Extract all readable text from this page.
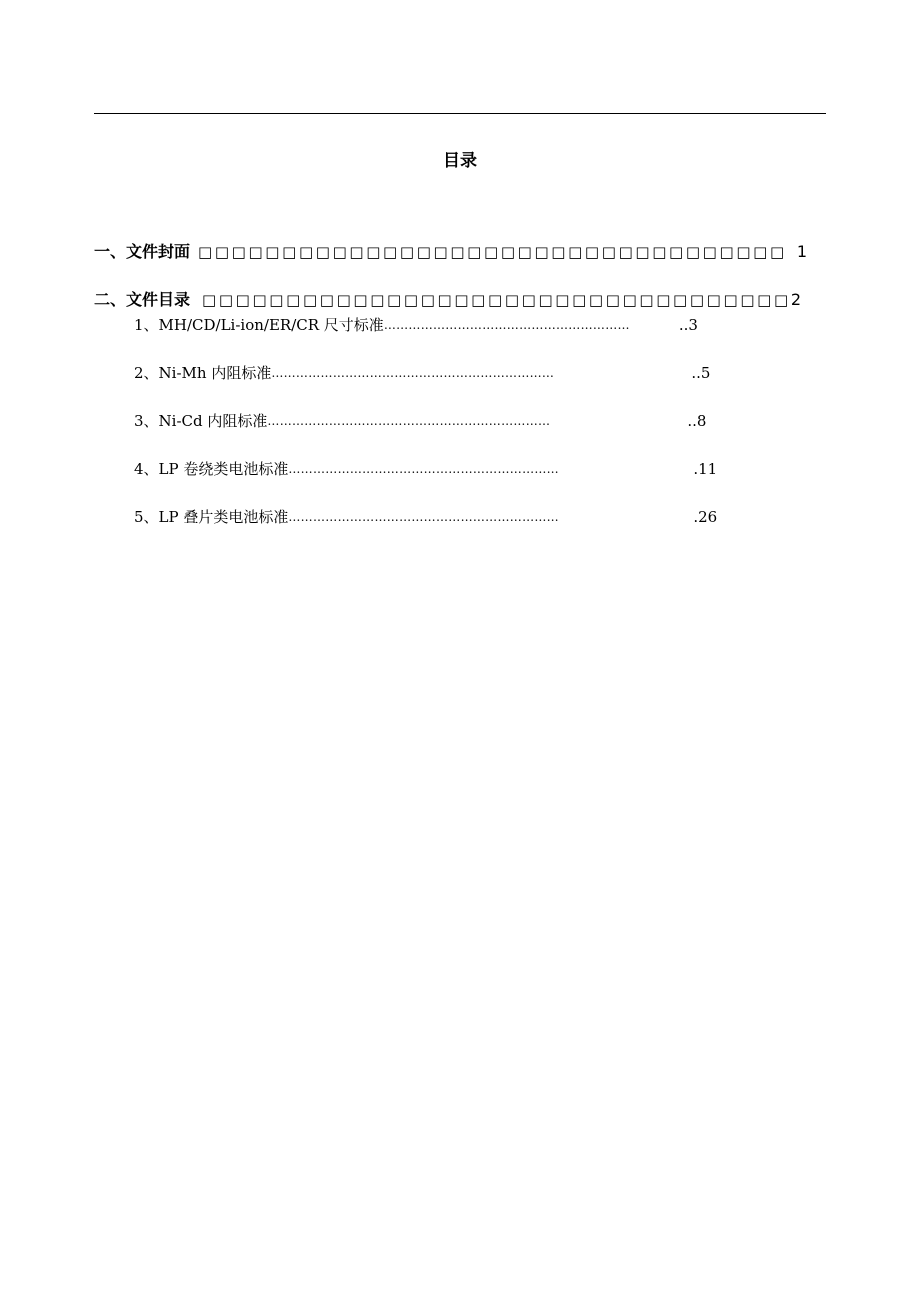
目录
一、文件封面 □□□□□□□□□□□□□□□□□□□□□□□□□□□□□□□□□□□ 1
二、文件目录 □□□□□□□□□□□□□□□□□□□□□□□□□□□□□□□□□□□2
1、MH/CD/Li-ion/ER/CR 尺寸标准……………………………………………………	..3
2、Ni-Mh 内阻标准……………………………………………………………	..5
3、Ni-Cd 内阻标准……………………………………………………………	..8
4、LP 卷绕类电池标准…………………………………………………………	.11
5、LP 叠片类电池标准…………………………………………………………	.26
